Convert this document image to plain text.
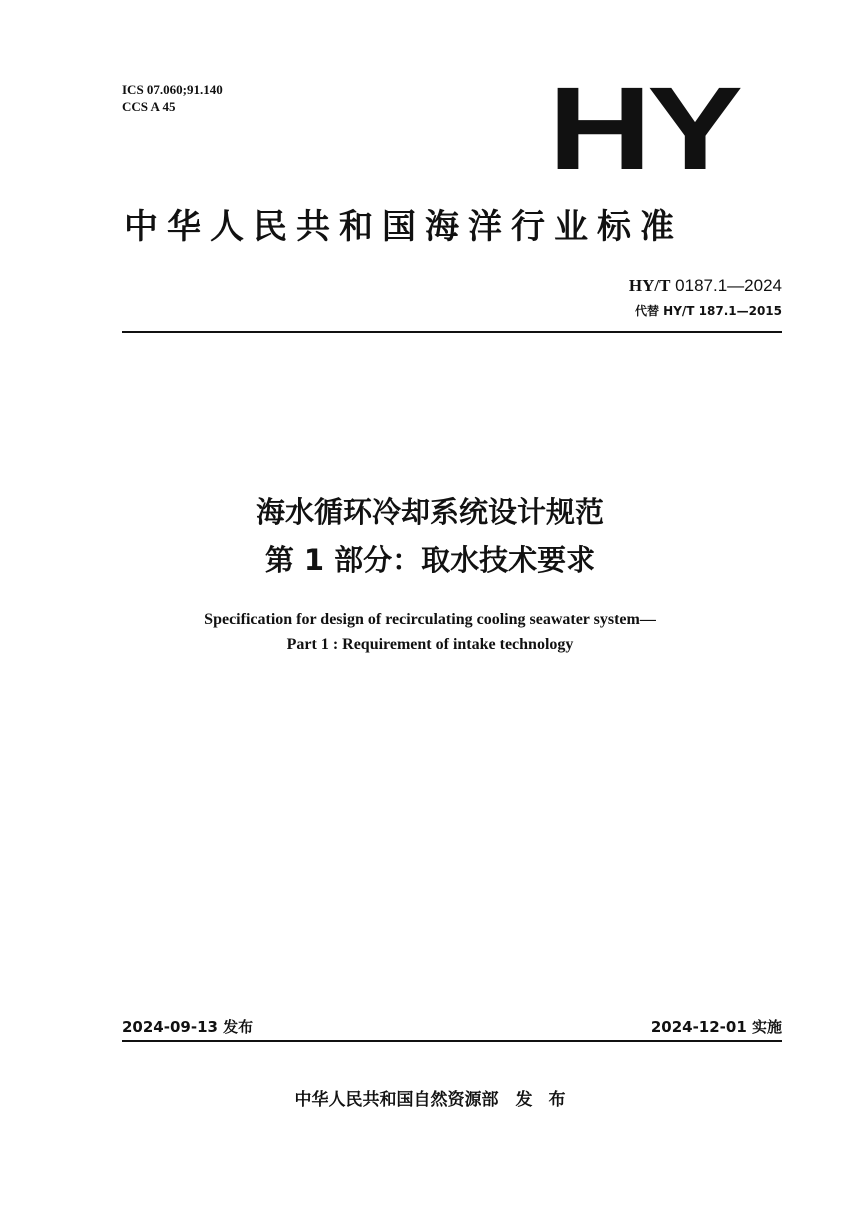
ICS 07.060;91.140
CCS A 45	HY
中华人民共和国海洋行业标准
HY/T 0187.1—2024
代替 HY/T 187.1—2015
海水循环冷却系统设计规范
第 1 部分：取水技术要求
Specification for design of recirculating cooling seawater system—
Part 1 : Requirement of intake technology
2024-09-13 发布	2024-12-01 实施
中华人民共和国自然资源部　发 布
